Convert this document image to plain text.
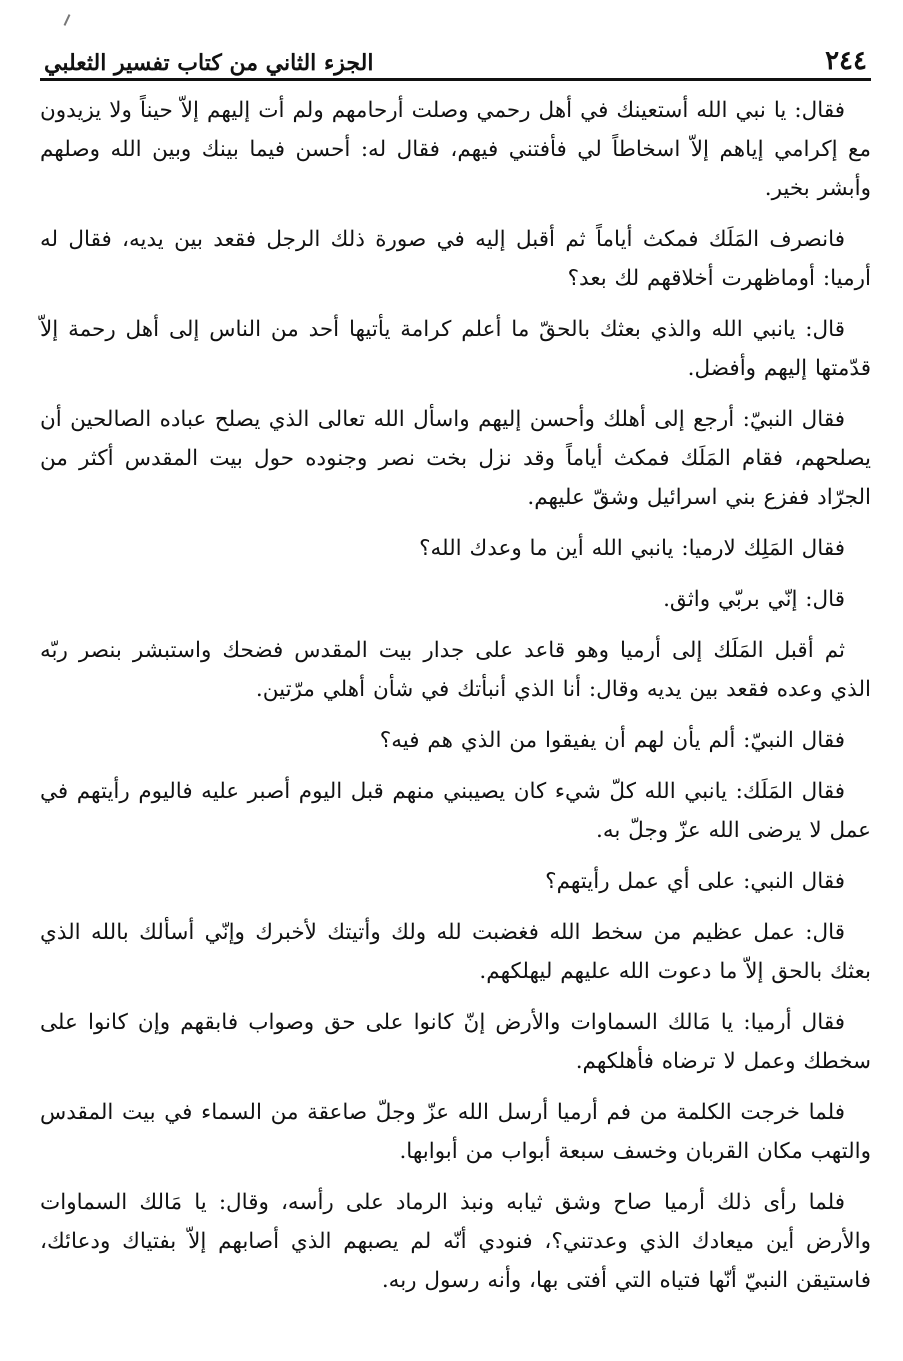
٢٤٤
الجزء الثاني من كتاب تفسير الثعلبي

فقال: يا نبي الله أستعينك في أهل رحمي وصلت أرحامهم ولم أت إليهم إلاّ حيناً ولا يزيدون مع إكرامي إياهم إلاّ اسخاطاً لي فأفتني فيهم، فقال له: أحسن فيما بينك وبين الله وصلهم وأبشر بخير.

فانصرف المَلَك فمكث أياماً ثم أقبل إليه في صورة ذلك الرجل فقعد بين يديه، فقال له أرميا: أوماظهرت أخلاقهم لك بعد؟

قال: يانبي الله والذي بعثك بالحقّ ما أعلم كرامة يأتيها أحد من الناس إلى أهل رحمة إلاّ قدّمتها إليهم وأفضل.

فقال النبيّ: أرجع إلى أهلك وأحسن إليهم واسأل الله تعالى الذي يصلح عباده الصالحين أن يصلحهم، فقام المَلَك فمكث أياماً وقد نزل بخت نصر وجنوده حول بيت المقدس أكثر من الجرّاد ففزع بني اسرائيل وشقّ عليهم.

فقال المَلِك لارميا: يانبي الله أين ما وعدك الله؟

قال: إنّي بربّي واثق.

ثم أقبل المَلَك إلى أرميا وهو قاعد على جدار بيت المقدس فضحك واستبشر بنصر ربّه الذي وعده فقعد بين يديه وقال: أنا الذي أنبأتك في شأن أهلي مرّتين.

فقال النبيّ: ألم يأن لهم أن يفيقوا من الذي هم فيه؟

فقال المَلَك: يانبي الله كلّ شيء كان يصيبني منهم قبل اليوم أصبر عليه فاليوم رأيتهم في عمل لا يرضى الله عزّ وجلّ به.

فقال النبي: على أي عمل رأيتهم؟

قال: عمل عظيم من سخط الله فغضبت لله ولك وأتيتك لأخبرك وإنّي أسألك بالله الذي بعثك بالحق إلاّ ما دعوت الله عليهم ليهلكهم.

فقال أرميا: يا مَالك السماوات والأرض إنّ كانوا على حق وصواب فابقهم وإن كانوا على سخطك وعمل لا ترضاه فأهلكهم.

فلما خرجت الكلمة من فم أرميا أرسل الله عزّ وجلّ صاعقة من السماء في بيت المقدس والتهب مكان القربان وخسف سبعة أبواب من أبوابها.

فلما رأى ذلك أرميا صاح وشق ثيابه ونبذ الرماد على رأسه، وقال: يا مَالك السماوات والأرض أين ميعادك الذي وعدتني؟، فنودي أنّه لم يصبهم الذي أصابهم إلاّ بفتياك ودعائك، فاستيقن النبيّ أنّها فتياه التي أفتى بها، وأنه رسول ربه.
